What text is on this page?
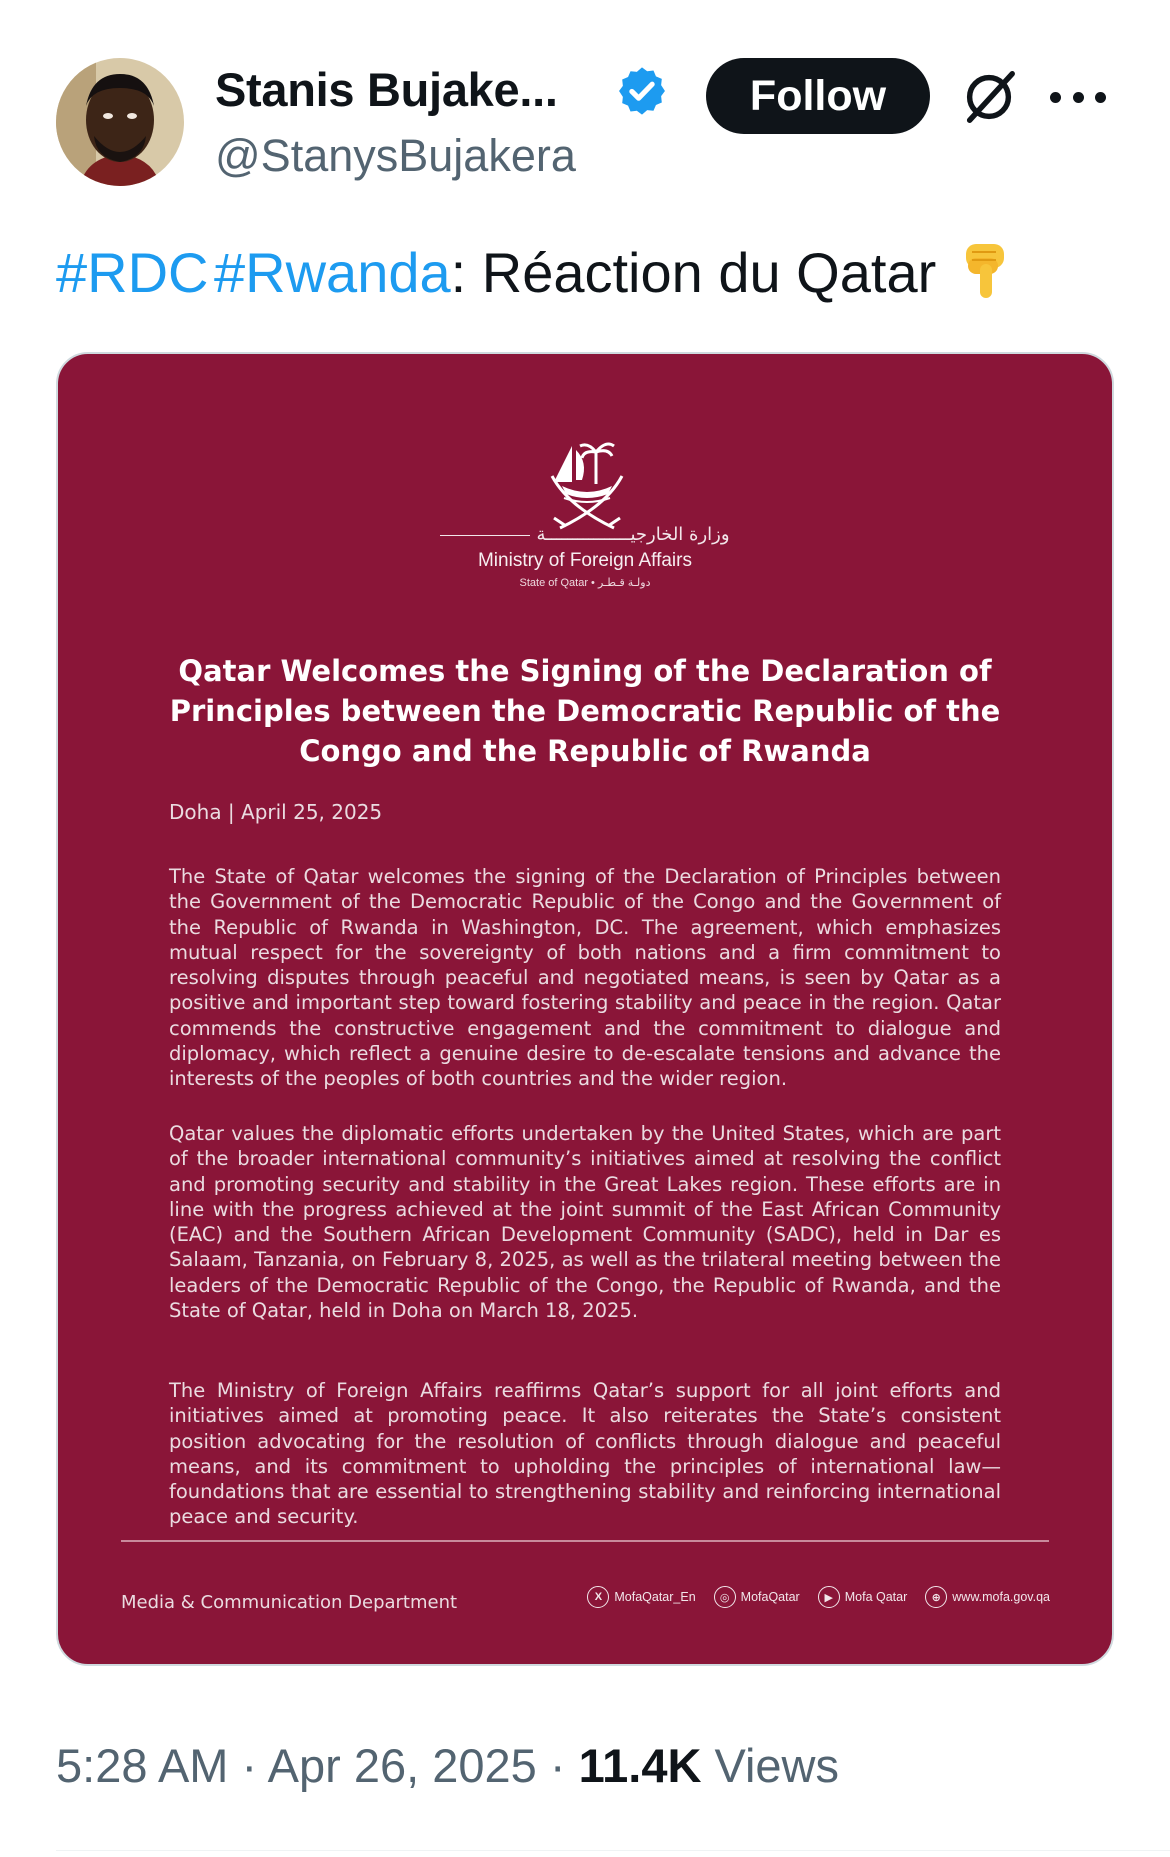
Stanis Bujake...
@StanysBujakera
Follow
#RDC #Rwanda: Réaction du Qatar
وزارة الخارجيــــــــــــــــة
Ministry of Foreign Affairs
State of Qatar • دولـة قـطـر
Qatar Welcomes the Signing of the Declaration of Principles between the Democratic Republic of the Congo and the Republic of Rwanda
Doha | April 25, 2025

The State of Qatar welcomes the signing of the Declaration of Principles between the Government of the Democratic Republic of the Congo and the Government of the Republic of Rwanda in Washington, DC. The agreement, which emphasizes mutual respect for the sovereignty of both nations and a firm commitment to resolving disputes through peaceful and negotiated means, is seen by Qatar as a positive and important step toward fostering stability and peace in the region. Qatar commends the constructive engagement and the commitment to dialogue and diplomacy, which reflect a genuine desire to de-escalate tensions and advance the interests of the peoples of both countries and the wider region.

Qatar values the diplomatic efforts undertaken by the United States, which are part of the broader international community’s initiatives aimed at resolving the conflict and promoting security and stability in the Great Lakes region. These efforts are in line with the progress achieved at the joint summit of the East African Community (EAC) and the Southern African Development Community (SADC), held in Dar es Salaam, Tanzania, on February 8, 2025, as well as the trilateral meeting between the leaders of the Democratic Republic of the Congo, the Republic of Rwanda, and the State of Qatar, held in Doha on March 18, 2025.

The Ministry of Foreign Affairs reaffirms Qatar’s support for all joint efforts and initiatives aimed at promoting peace. It also reiterates the State’s consistent position advocating for the resolution of conflicts through dialogue and peaceful means, and its commitment to upholding the principles of international law—foundations that are essential to strengthening stability and reinforcing international peace and security.

Media & Communication Department	X MofaQatar_En	◎ MofaQatar	▶ Mofa Qatar	⊕ www.mofa.gov.qa
5:28 AM · Apr 26, 2025 · 11.4K Views
